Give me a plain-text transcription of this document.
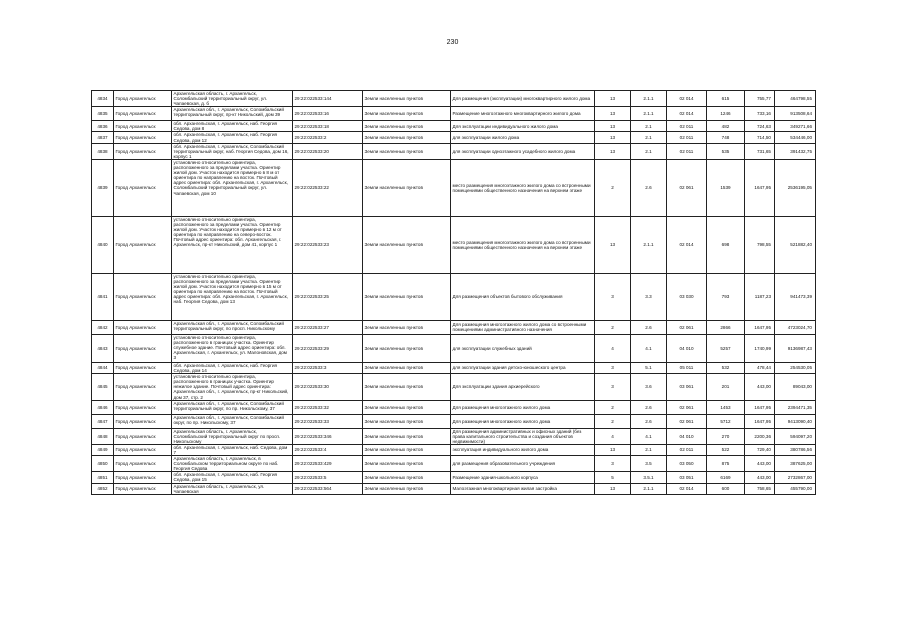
230
4834	Город Архангельск	Архангельская область, г. Архангельск, Соломбальский территориальный округ, ул. Чапаевская, д. б	29:22:022533:144	Земли населенных пунктов	Для размещения (эксплуатации) многоквартирного жилого дома	13	2.1.1	02 014	615	755,77	464798,55
4835	Город Архангельск	Архангельская обл., г. Архангельск, Соломбальский территориальный округ, пр-кт Никольский, дом 39	29:22:022533:16	Земли населенных пунктов	Размещение многоэтажного многоквартирного жилого дома	13	2.1.1	02 014	1246	733,16	913508,64
4836	Город Архангельск	обл. Архангельская, г. Архангельск, наб. Георгия Седова, дом 8	29:22:022533:18	Земли населенных пунктов	Для эксплуатации индивидуального жилого дома	13	2.1	02 011	482	724,63	349271,66
4837	Город Архангельск	обл. Архангельская, г. Архангельск, наб. Георгия Седова, дом 12	29:22:022533:2	Земли населенных пунктов	для эксплуатации жилого дома	13	2.1	02 011	748	714,50	534446,00
4838	Город Архангельск	обл. Архангельская, г. Архангельск, Соломбальский территориальный округ, наб. Георгия Седова, дом 16, корпус 1	29:22:022533:20	Земли населенных пунктов	для эксплуатации одноэтажного усадебного жилого дома	13	2.1	02 011	535	731,65	391432,75
4839	Город Архангельск	установлено относительно ориентира, расположенного за пределами участка. Ориентир жилой дом. Участок находится примерно в 8 м от ориентира по направлению на восток. Почтовый адрес ориентира: обл. Архангельская, г. Архангельск, Соломбальский территориальный округ, ул. Чапаевская, дом 10	29:22:022533:22	Земли населенных пунктов	место размещения многоэтажного жилого дома со встроенными помещениями общественного назначения на верхнем этаже	2	2.6	02 061	1539	1647,95	2536195,05
4840	Город Архангельск	установлено относительно ориентира, расположенного за пределами участка. Ориентир жилой дом. Участок находится примерно в 12 м от ориентира по направлению на северо-восток. Почтовый адрес ориентира: обл. Архангельская, г. Архангельск, пр-кт Никольский, дом 41, корпус 1	29:22:022533:23	Земли населенных пунктов	место размещения многоэтажного жилого дома со встроенными помещениями общественного назначения на верхнем этаже	13	2.1.1	02 014	698	798,55	521882,40
4841	Город Архангельск	установлено относительно ориентира, расположенного за пределами участка. Ориентир жилой дом. Участок находится примерно в 15 м от ориентира по направлению на восток. Почтовый адрес ориентира: обл. Архангельская, г. Архангельск, наб. Георгия Седова, дом 13	29:22:022533:25	Земли населенных пунктов	Для размещения объектов бытового обслуживания	3	3.3	03 030	793	1187,23	941473,39
4842	Город Архангельск	Архангельская обл., г. Архангельск, Соломбальский территориальный округ, по просп. Никольскому	29:22:022533:27	Земли населенных пунктов	Для размещения многоэтажного жилого дома со встроенными помещениями административного назначения	2	2.6	02 061	2866	1647,95	4723024,70
4843	Город Архангельск	установлено относительно ориентира, расположенного в границах участка. Ориентир служебное здание. Почтовый адрес ориентира: обл. Архангельская, г. Архангельск, ул. Малоновская, дом 3	29:22:022533:29	Земли населенных пунктов	для эксплуатации служебных зданий	4	4.1	04 010	5257	1740,99	9136987,43
4844	Город Архангельск	обл. Архангельская, г. Архангельск, наб. Георгия Седова, дом 14	29:22:022533:3	Земли населенных пунктов	для эксплуатации здания детско-юношеского центра	3	5.1	05 011	532	478,44	254530,05
4845	Город Архангельск	установлено относительно ориентира, расположенного в границах участка. Ориентир нежилое здание. Почтовый адрес ориентира: Архангельская обл., г. Архангельск, пр-кт Никольский, дом 37, стр. 2	29:22:022533:30	Земли населенных пунктов	Для эксплуатации здания архиерейского	3	3.6	03 061	201	443,00	89043,00
4846	Город Архангельск	Архангельская обл., г. Архангельск, Соломбальский территориальный округ, по пр. Никольскому, 37	29:22:022533:32	Земли населенных пунктов	Для размещения многоэтажного жилого дома	2	2.6	02 061	1453	1647,95	2394471,35
4847	Город Архангельск	Архангельская обл., г. Архангельск, Соломбальский округ, по пр. Никольскому, 37	29:22:022533:33	Земли населенных пунктов	Для размещения многоэтажного жилого дома	2	2.6	02 061	5712	1647,95	9413090,40
4848	Город Архангельск	Архангельская область, г. Архангельск, Соломбальский территориальный округ по просп. Никольскому	29:22:022533:346	Земли населенных пунктов	Для размещения административных и офисных зданий (без права капитального строительства и создания объектов недвижимости)	4	4.1	04 010	270	2200,36	594097,20
4849	Город Архангельск	обл. Архангельская, г. Архангельск, наб. Седова, дом 7	29:22:022533:4	Земли населенных пунктов	эксплуатация индивидуального жилого дома	13	2.1	02 011	522	729,40	380786,56
4850	Город Архангельск	Архангельская область, г. Архангельск, в Соломбальском территориальном округе по наб. Георгия Седова	29:22:022533:429	Земли населенных пунктов	для размещения образовательного учреждения	3	3.5	03 050	875	443,00	387625,00
4851	Город Архангельск	обл. Архангельская, г. Архангельск, наб. Георгия Седова, дом 15	29:22:022533:5	Земли населенных пунктов	Размещение здания-школьного корпуса	5	3.5.1	03 051	6169	443,00	2732867,00
4852	Город Архангельск	Архангельская область, г. Архангельск, ул. Чапаевская	29:22:022533:564	Земли населенных пунктов	Малоэтажная многоквартирная жилая застройка	13	2.1.1	02 014	600	758,65	455790,00
